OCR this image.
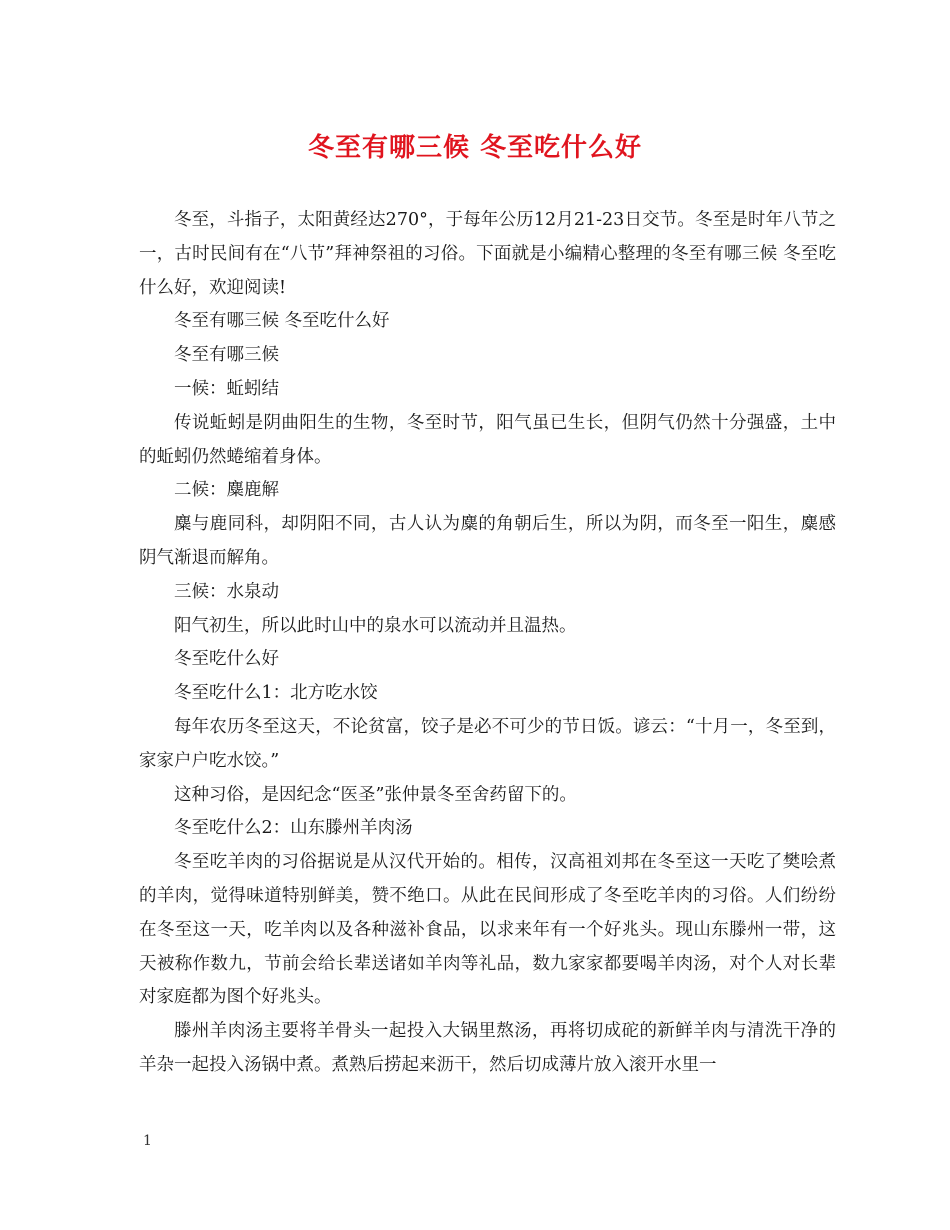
冬至有哪三候 冬至吃什么好

冬至，斗指子，太阳黄经达270°，于每年公历12月21-23日交节。冬至是时年八节之一，古时民间有在“八节”拜神祭祖的习俗。下面就是小编精心整理的冬至有哪三候 冬至吃什么好，欢迎阅读!

冬至有哪三候 冬至吃什么好

冬至有哪三候

一候：蚯蚓结

传说蚯蚓是阴曲阳生的生物，冬至时节，阳气虽已生长，但阴气仍然十分强盛，土中的蚯蚓仍然蜷缩着身体。

二候：麋鹿解

麋与鹿同科，却阴阳不同，古人认为麋的角朝后生，所以为阴，而冬至一阳生，麋感阴气渐退而解角。

三候：水泉动

阳气初生，所以此时山中的泉水可以流动并且温热。

冬至吃什么好

冬至吃什么1：北方吃水饺

每年农历冬至这天，不论贫富，饺子是必不可少的节日饭。谚云：“十月一，冬至到，家家户户吃水饺。”

这种习俗，是因纪念“医圣”张仲景冬至舍药留下的。

冬至吃什么2：山东滕州羊肉汤

冬至吃羊肉的习俗据说是从汉代开始的。相传，汉高祖刘邦在冬至这一天吃了樊哙煮的羊肉，觉得味道特别鲜美，赞不绝口。从此在民间形成了冬至吃羊肉的习俗。人们纷纷在冬至这一天，吃羊肉以及各种滋补食品，以求来年有一个好兆头。现山东滕州一带，这天被称作数九，节前会给长辈送诸如羊肉等礼品，数九家家都要喝羊肉汤，对个人对长辈对家庭都为图个好兆头。

滕州羊肉汤主要将羊骨头一起投入大锅里熬汤，再将切成砣的新鲜羊肉与清洗干净的羊杂一起投入汤锅中煮。煮熟后捞起来沥干，然后切成薄片放入滚开水里一

1
